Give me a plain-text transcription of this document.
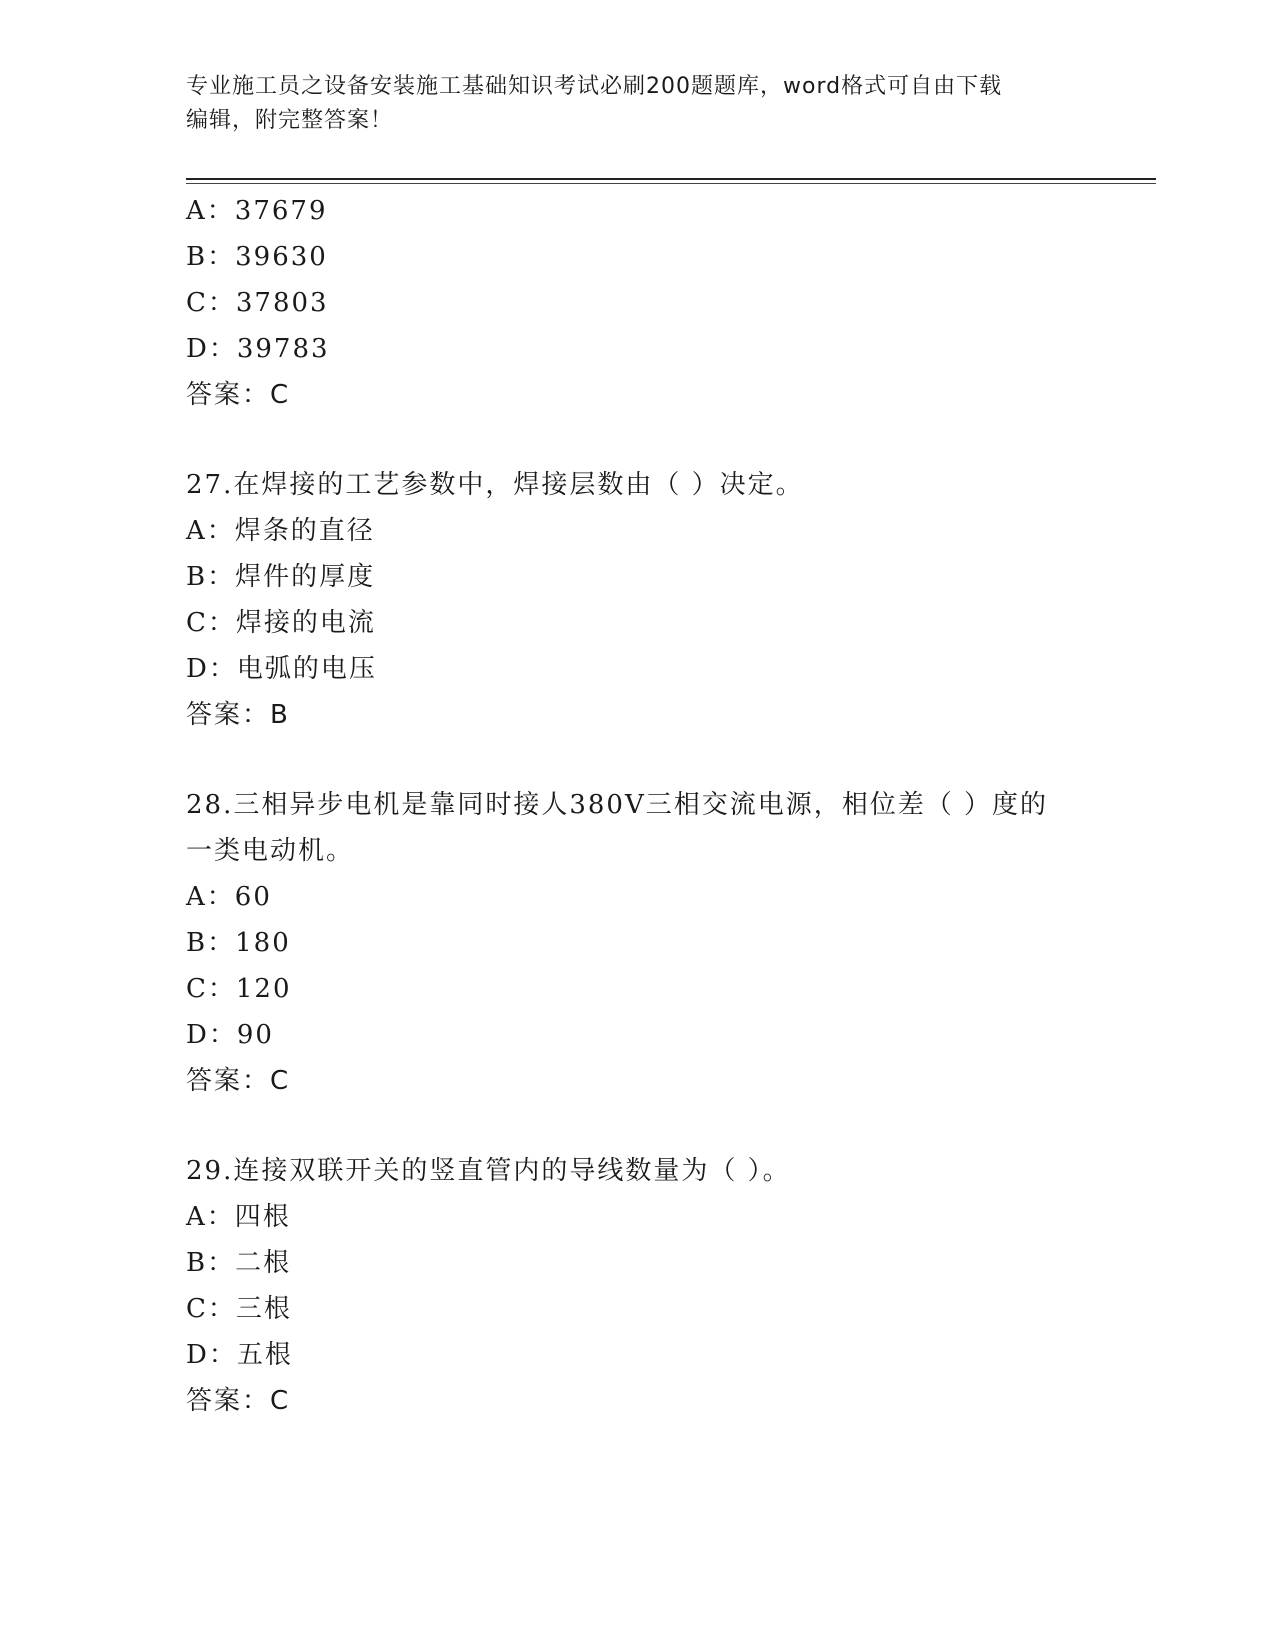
专业施工员之设备安装施工基础知识考试必刷200题题库，word格式可自由下载
编辑，附完整答案！
A：37679
B：39630
C：37803
D：39783
答案：C
27.在焊接的工艺参数中，焊接层数由（ ）决定。
A：焊条的直径
B：焊件的厚度
C：焊接的电流
D：电弧的电压
答案：B
28.三相异步电机是靠同时接人380V三相交流电源，相位差（ ）度的
一类电动机。
A：60
B：180
C：120
D：90
答案：C
29.连接双联开关的竖直管内的导线数量为（ ）。
A：四根
B：二根
C：三根
D：五根
答案：C
